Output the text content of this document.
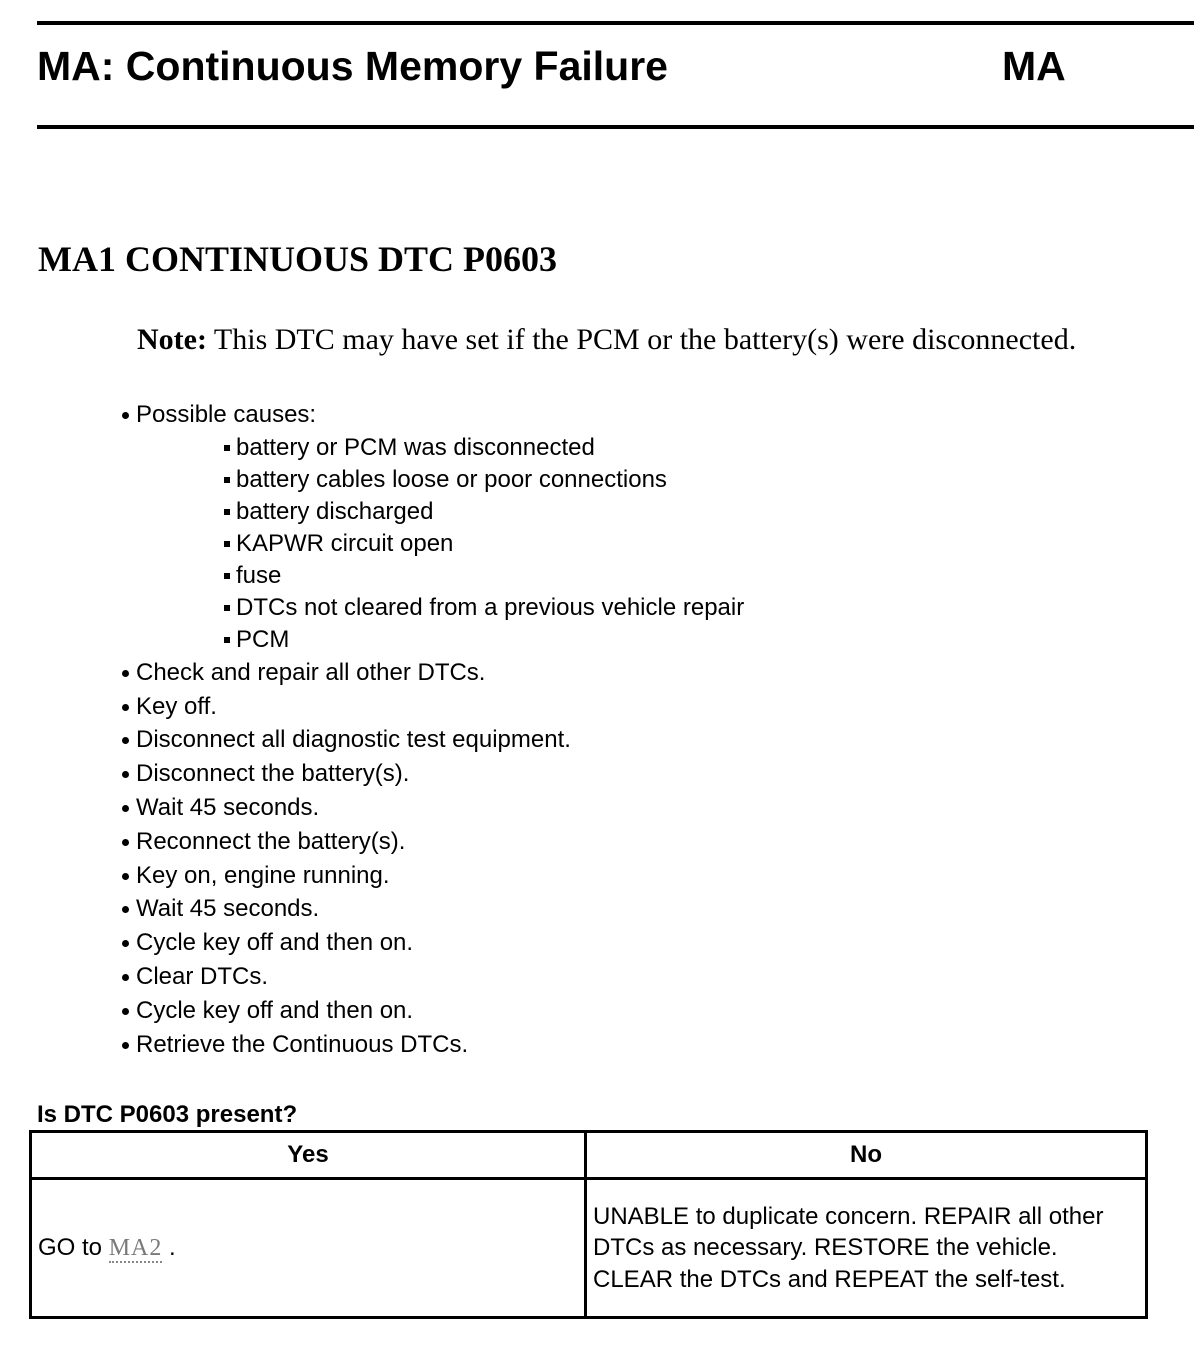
MA: Continuous Memory Failure	MA
MA1 CONTINUOUS DTC P0603
Note: This DTC may have set if the PCM or the battery(s) were disconnected.
Possible causes:
battery or PCM was disconnected
battery cables loose or poor connections
battery discharged
KAPWR circuit open
fuse
DTCs not cleared from a previous vehicle repair
PCM
Check and repair all other DTCs.
Key off.
Disconnect all diagnostic test equipment.
Disconnect the battery(s).
Wait 45 seconds.
Reconnect the battery(s).
Key on, engine running.
Wait 45 seconds.
Cycle key off and then on.
Clear DTCs.
Cycle key off and then on.
Retrieve the Continuous DTCs.
Is DTC P0603 present?
Yes	No
GO to MA2 .	UNABLE to duplicate concern. REPAIR all other DTCs as necessary. RESTORE the vehicle. CLEAR the DTCs and REPEAT the self-test.
